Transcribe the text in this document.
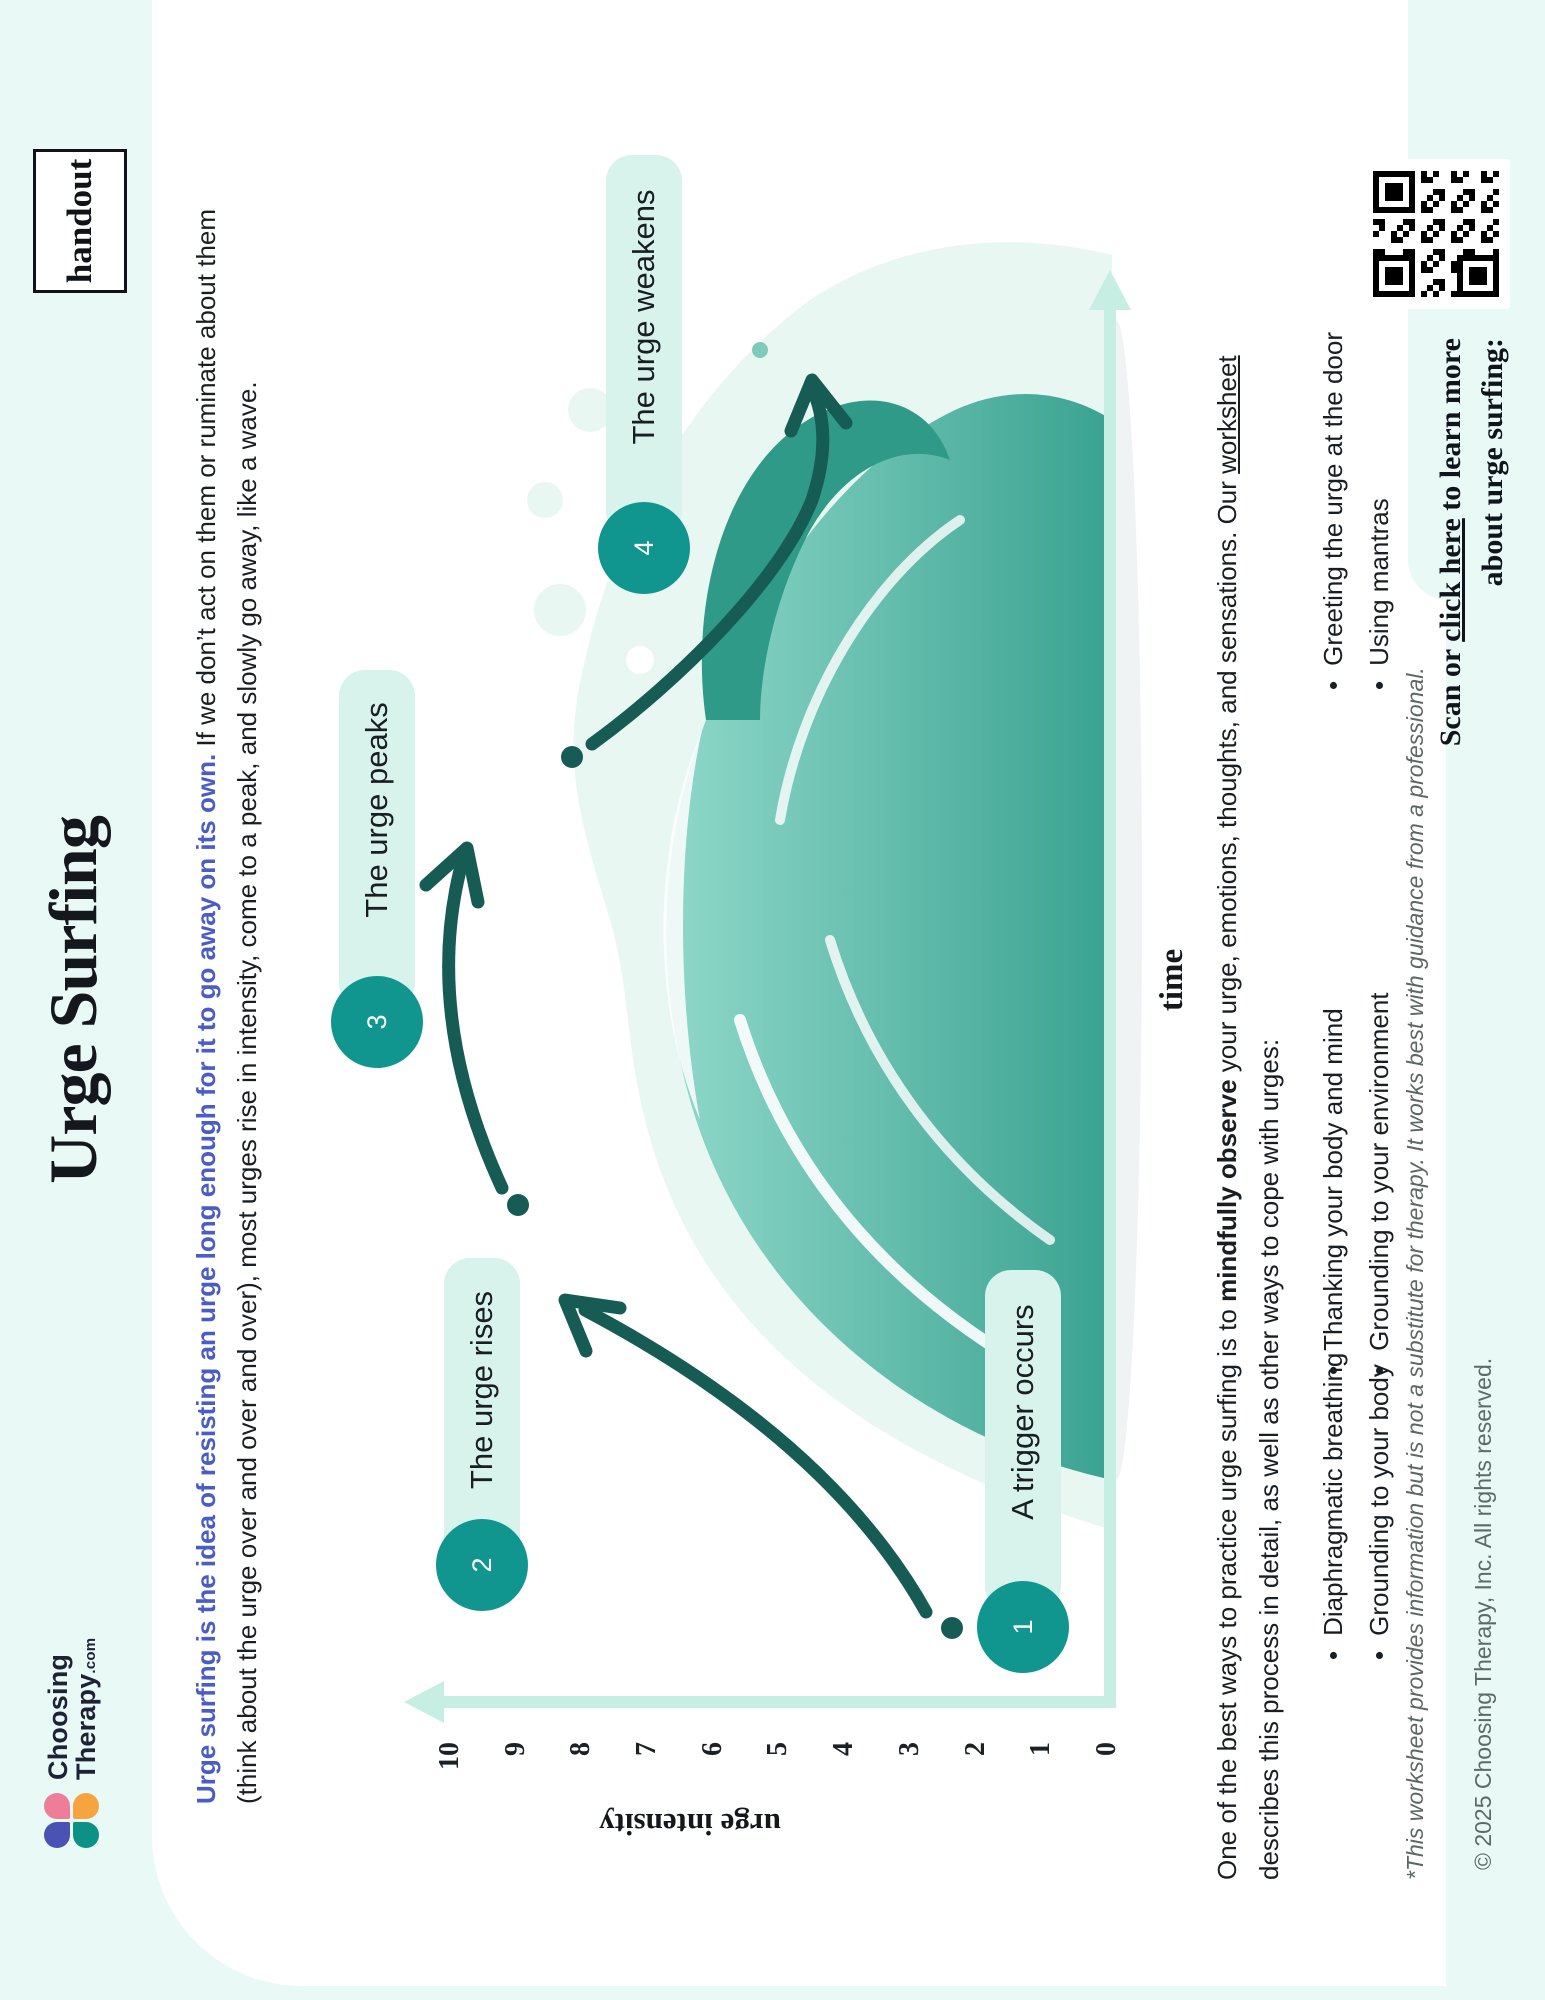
Choosing
Therapy.com
Urge Surfing
handout
Urge surfing is the idea of resisting an urge long enough for it to go away on its own. If we don’t act on them or ruminate about them (think about the urge over and over and over), most urges rise in intensity, come to a peak, and slowly go away, like a wave.	10 9 8 7 6 5 4 3 2 1 0
urge intensity
time
A trigger occurs
1
The urge rises
2
The urge peaks
3
The urge weakens
4
One of the best ways to practice urge surfing is to mindfully observe your urge, emotions, thoughts, and sensations. Our worksheet
describes this process in detail, as well as other ways to cope with urges: • Diaphragmatic breathing • Grounding to your body
• Thanking your body and mind • Grounding to your environment
• Greeting the urge at the door • Using mantras
*This worksheet provides information but is not a substitute for therapy. It works best with guidance from a professional. © 2025 Choosing Therapy, Inc. All rights reserved.
Scan or click here to learn more about urge surfing:
